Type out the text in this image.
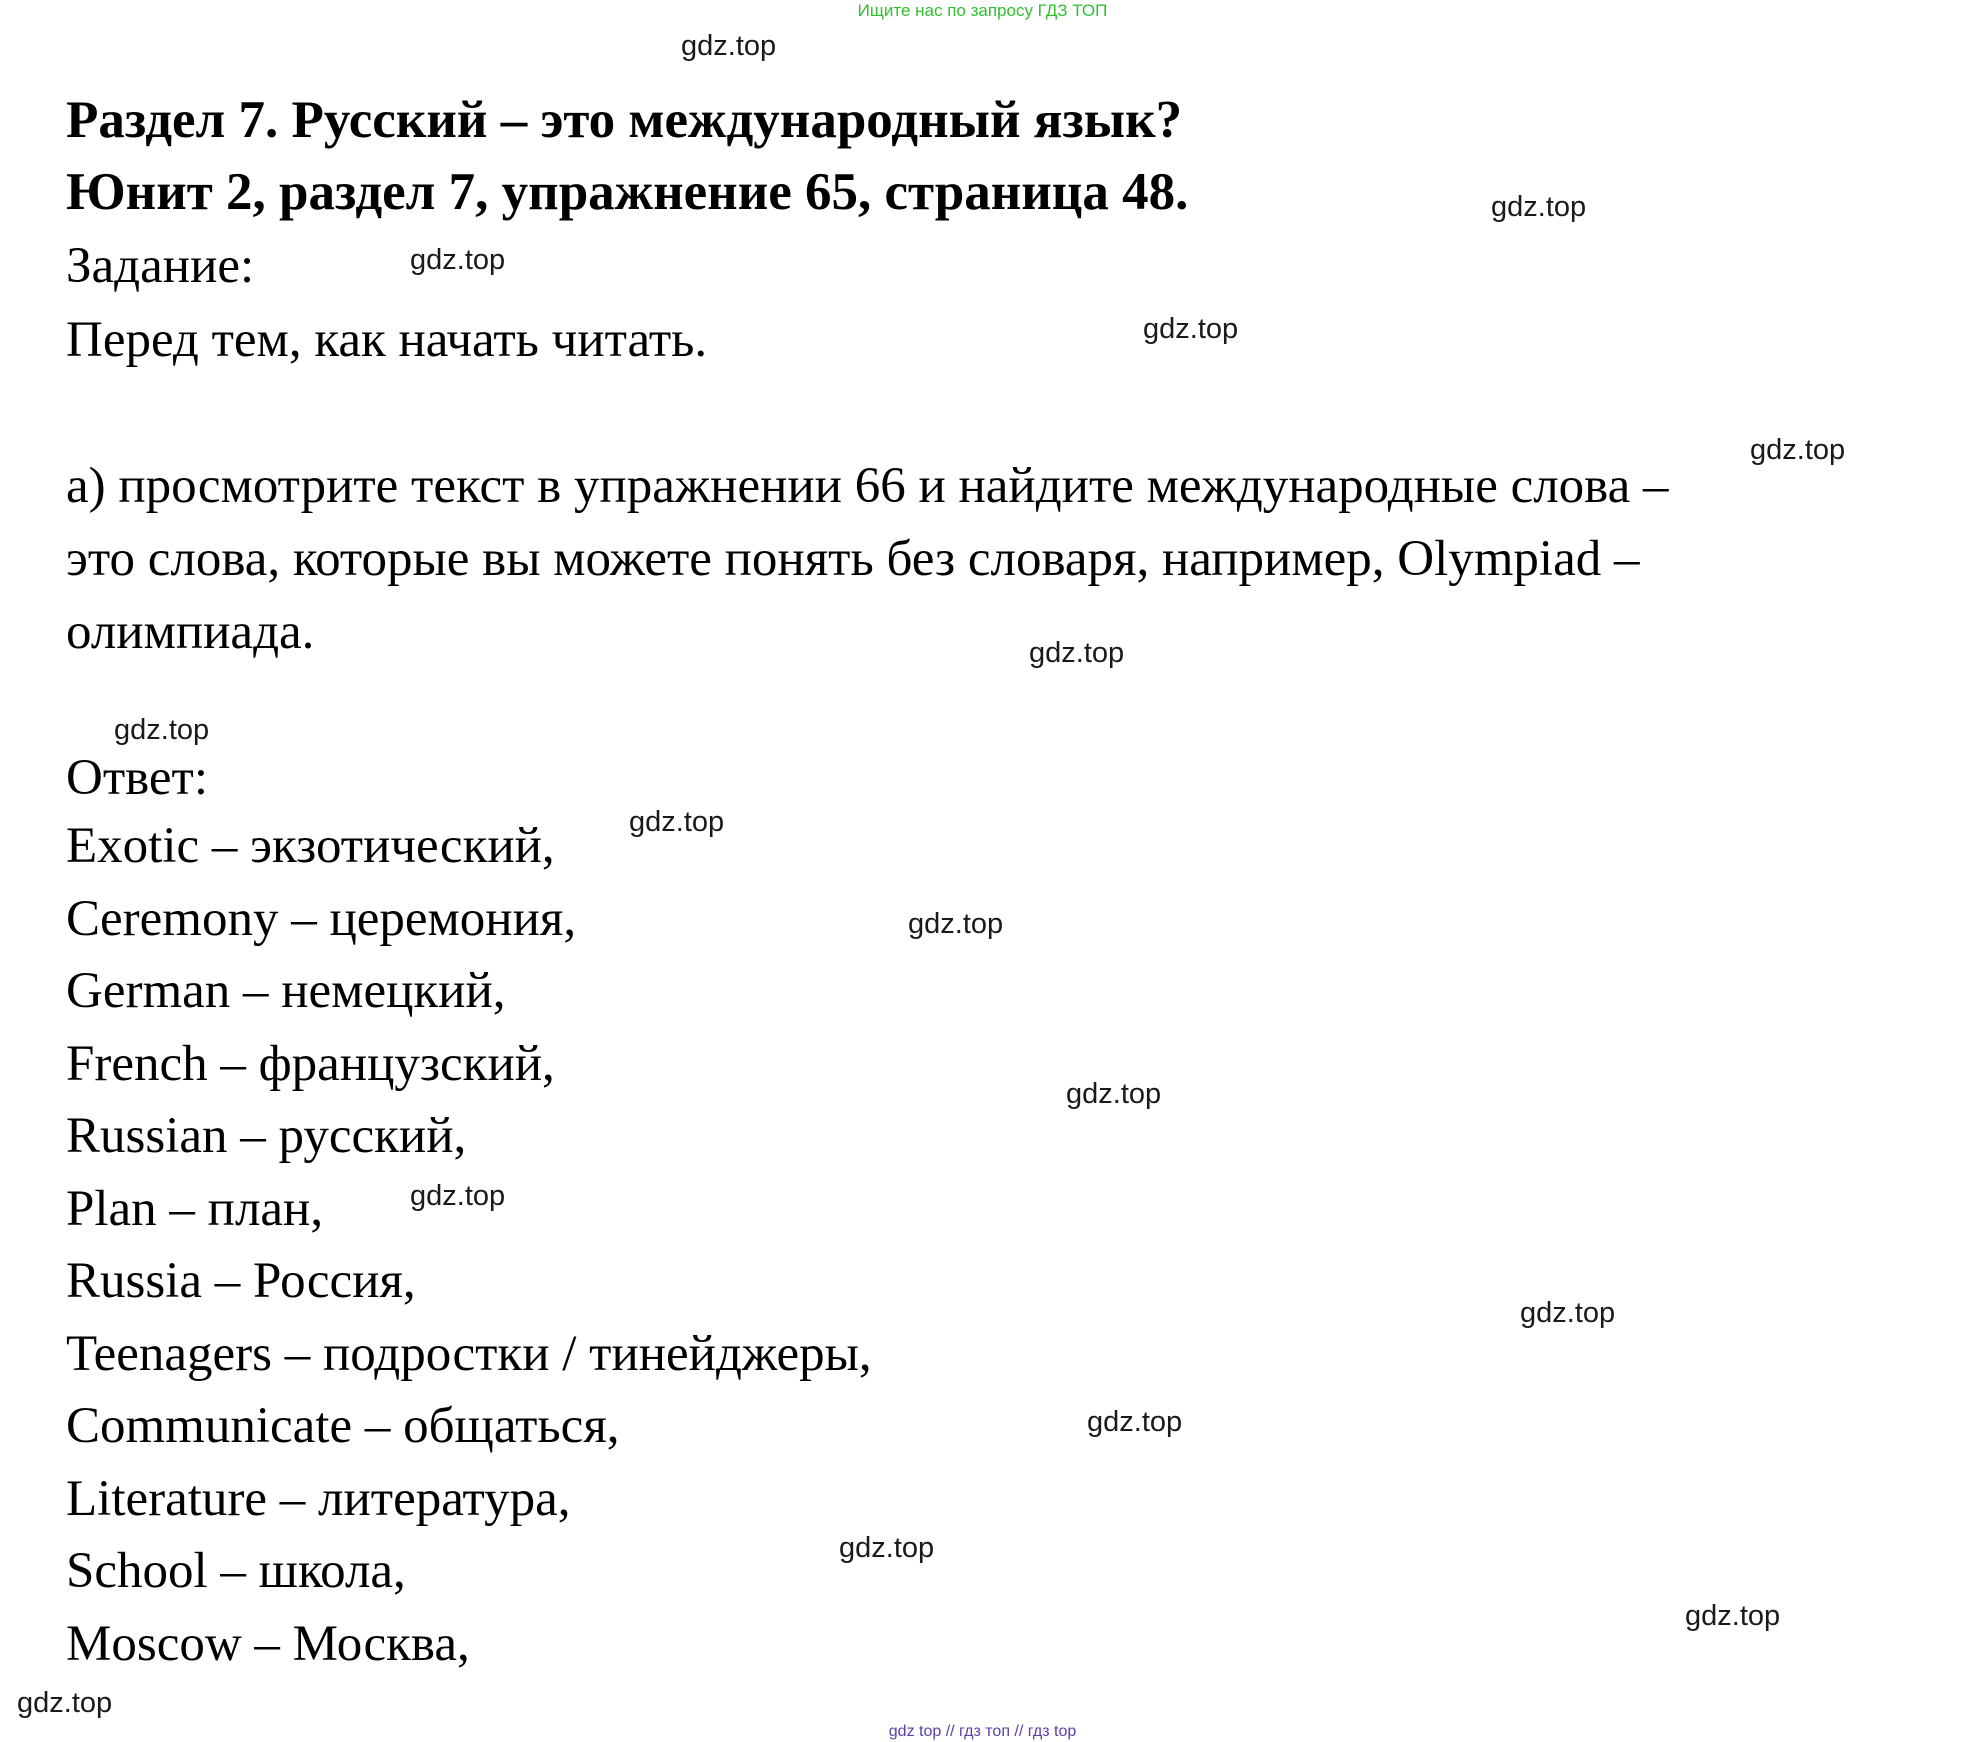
Ищите нас по запросу ГДЗ ТОП
Раздел 7. Русский – это международный язык?
Юнит 2, раздел 7, упражнение 65, страница 48.
Задание:
Перед тем, как начать читать.
а) просмотрите текст в упражнении 66 и найдите международные слова –
это слова, которые вы можете понять без словаря, например, Olympiad –
олимпиада.
Ответ:
Exotic – экзотический,
Ceremony – церемония,
German – немецкий,
French – французский,
Russian – русский,
Plan – план,
Russia – Россия,
Teenagers – подростки / тинейджеры,
Communicate – общаться,
Literature – литература,
School – школа,
Moscow – Москва,
gdz.top
gdz.top
gdz.top
gdz.top
gdz.top
gdz.top
gdz.top
gdz.top
gdz.top
gdz.top
gdz.top
gdz.top
gdz.top
gdz.top
gdz.top
gdz.top
gdz top // гдз топ // гдз top
